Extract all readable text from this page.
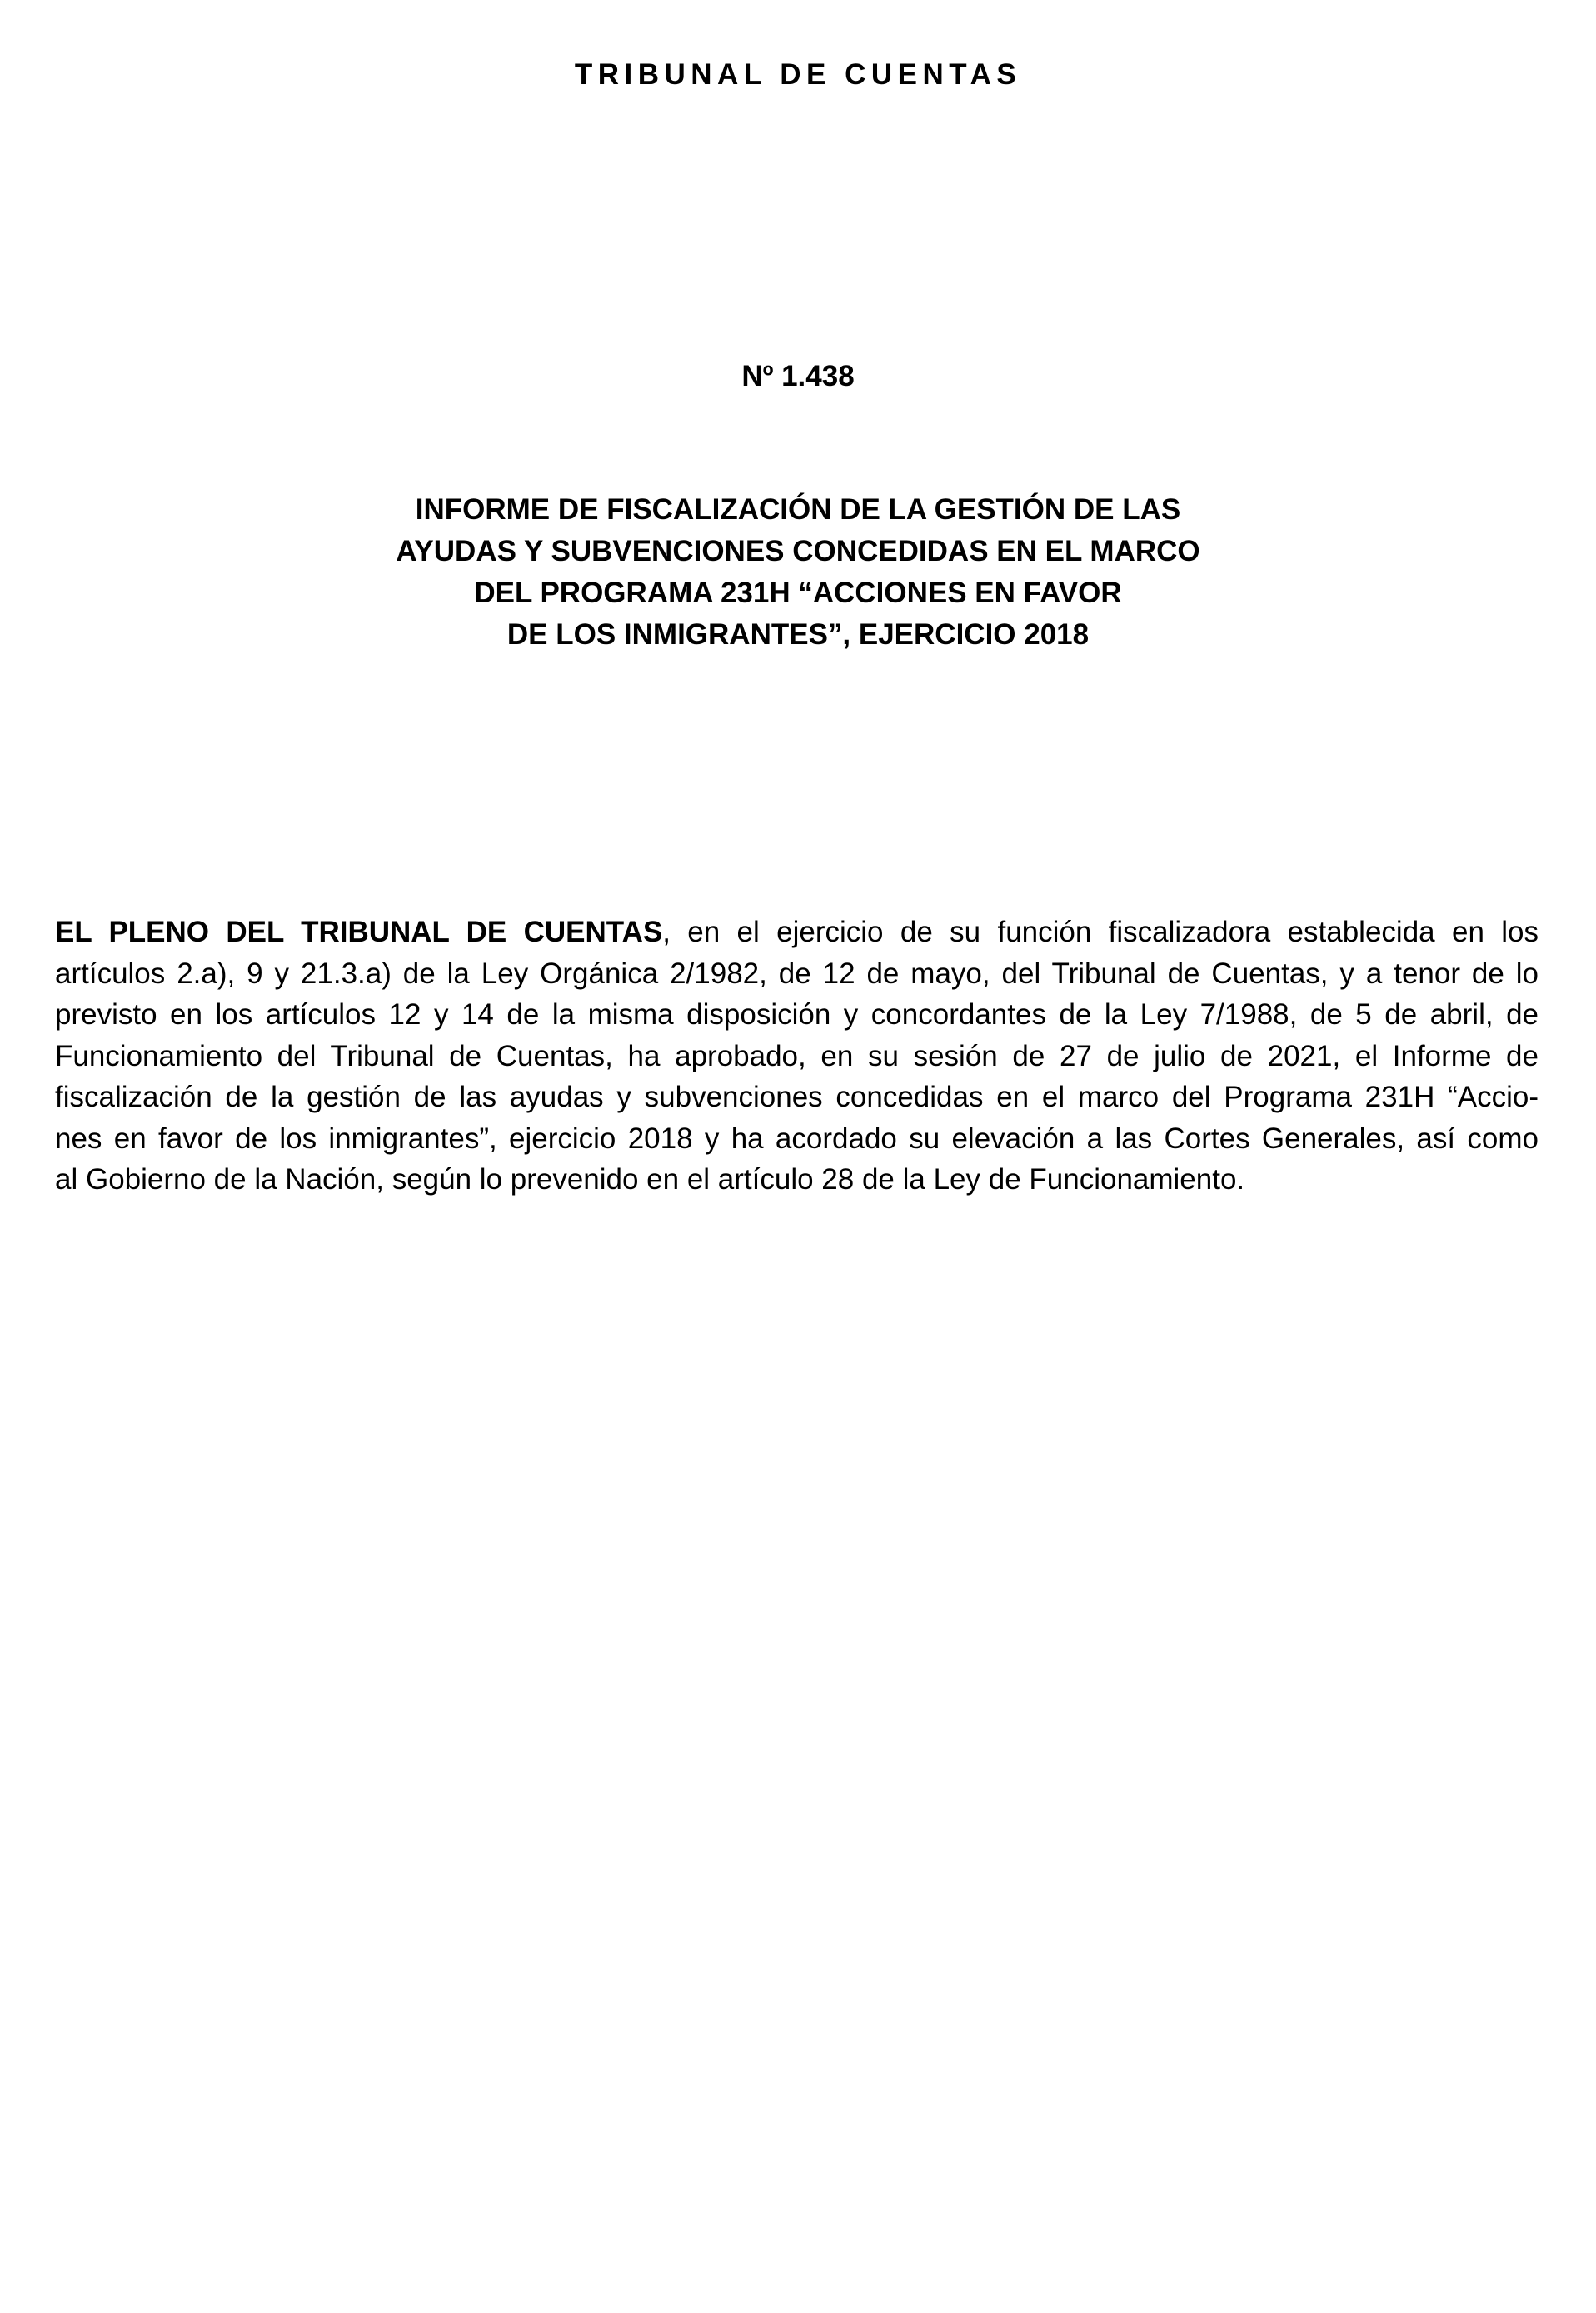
TRIBUNAL DE CUENTAS
Nº 1.438
INFORME DE FISCALIZACIÓN DE LA GESTIÓN DE LAS
AYUDAS Y SUBVENCIONES CONCEDIDAS EN EL MARCO
DEL PROGRAMA 231H “ACCIONES EN FAVOR
DE LOS INMIGRANTES”, EJERCICIO 2018
EL PLENO DEL TRIBUNAL DE CUENTAS, en el ejercicio de su función fiscalizadora establecida en los
artículos 2.a), 9 y 21.3.a) de la Ley Orgánica 2/1982, de 12 de mayo, del Tribunal de Cuentas, y a tenor de lo
previsto en los artículos 12 y 14 de la misma disposición y concordantes de la Ley 7/1988, de 5 de abril, de
Funcionamiento del Tribunal de Cuentas, ha aprobado, en su sesión de 27 de julio de 2021, el Informe de
fiscalización de la gestión de las ayudas y subvenciones concedidas en el marco del Programa 231H “Accio-
nes en favor de los inmigrantes”, ejercicio 2018 y ha acordado su elevación a las Cortes Generales, así como
al Gobierno de la Nación, según lo prevenido en el artículo 28 de la Ley de Funcionamiento.
